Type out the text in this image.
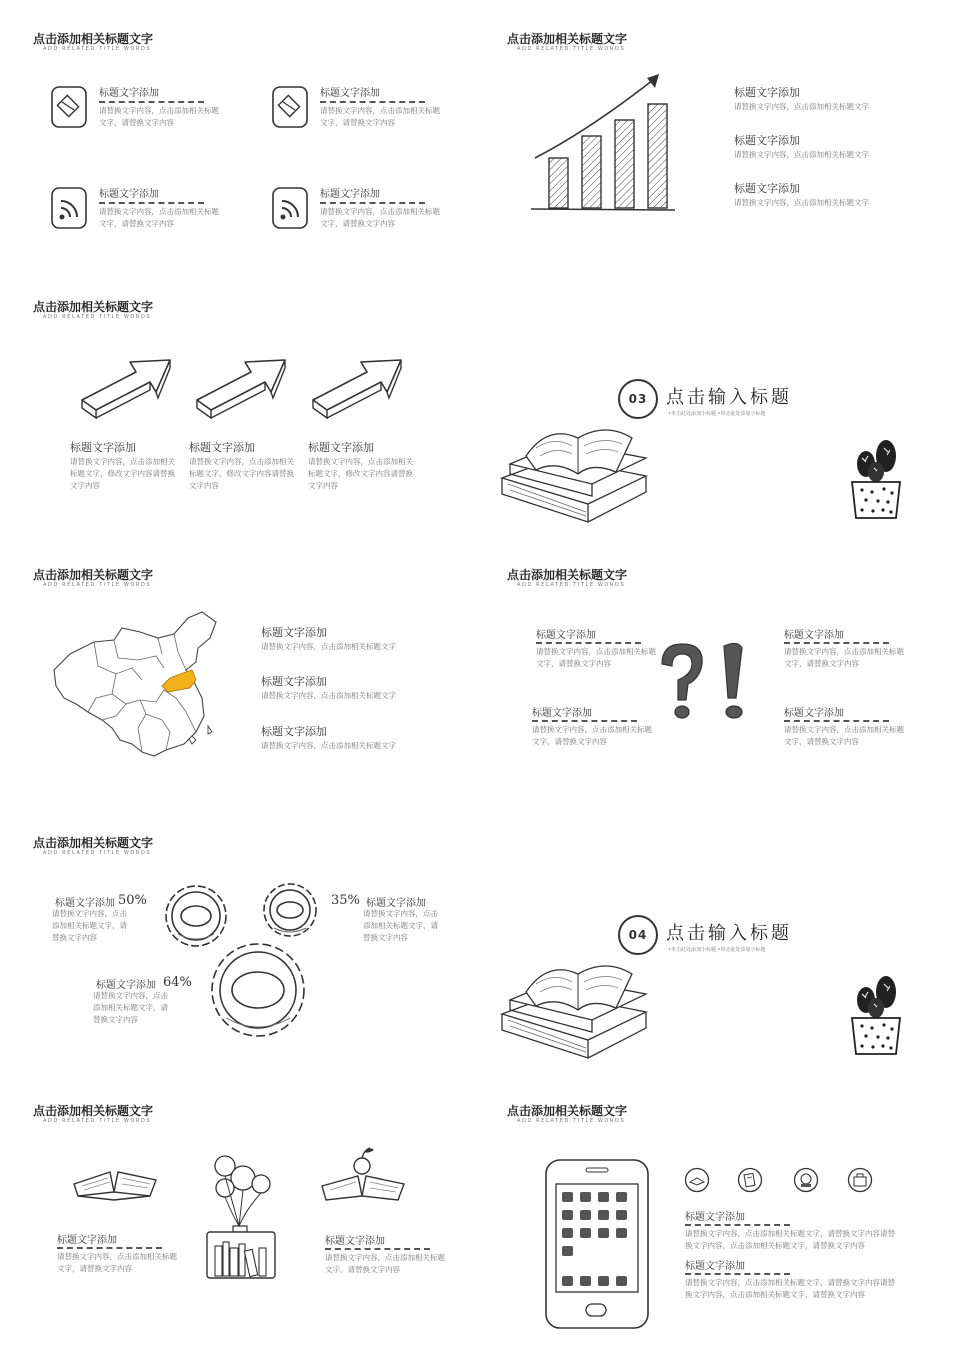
点击添加相关标题文字
ADD RELATED TITLE WORDS
标题文字添加
请替换文字内容，点击添加相关标题文字，请替换文字内容
标题文字添加
请替换文字内容，点击添加相关标题文字，请替换文字内容
标题文字添加
请替换文字内容，点击添加相关标题文字，请替换文字内容
标题文字添加
请替换文字内容，点击添加相关标题文字，请替换文字内容
点击添加相关标题文字
ADD RELATED TITLE WORDS
标题文字添加
请替换文字内容，点击添加相关标题文字
标题文字添加
请替换文字内容，点击添加相关标题文字
标题文字添加
请替换文字内容，点击添加相关标题文字
点击添加相关标题文字
ADD RELATED TITLE WORDS
标题文字添加
请替换文字内容，点击添加相关标题文字，修改文字内容请替换文字内容
标题文字添加
请替换文字内容，点击添加相关标题文字，修改文字内容请替换文字内容
标题文字添加
请替换文字内容，点击添加相关标题文字，修改文字内容请替换文字内容
03	点击输入标题
•单击此处添加小标题 •单击此处添加小标题
点击添加相关标题文字
ADD RELATED TITLE WORDS
标题文字添加
请替换文字内容，点击添加相关标题文字
标题文字添加
请替换文字内容，点击添加相关标题文字
标题文字添加
请替换文字内容，点击添加相关标题文字
点击添加相关标题文字
ADD RELATED TITLE WORDS
标题文字添加
请替换文字内容，点击添加相关标题文字，请替换文字内容
标题文字添加
请替换文字内容，点击添加相关标题文字，请替换文字内容
标题文字添加
请替换文字内容，点击添加相关标题文字，请替换文字内容
标题文字添加
请替换文字内容，点击添加相关标题文字，请替换文字内容
点击添加相关标题文字
ADD RELATED TITLE WORDS
标题文字添加 50%
请替换文字内容，点击添加相关标题文字，请替换文字内容
35% 标题文字添加
请替换文字内容，点击添加相关标题文字，请替换文字内容
标题文字添加 64%
请替换文字内容，点击添加相关标题文字，请替换文字内容
04	点击输入标题
•单击此处添加小标题 •单击此处添加小标题
点击添加相关标题文字
ADD RELATED TITLE WORDS
标题文字添加
请替换文字内容，点击添加相关标题文字，请替换文字内容
标题文字添加
请替换文字内容，点击添加相关标题文字，请替换文字内容
点击添加相关标题文字
ADD RELATED TITLE WORDS
标题文字添加
请替换文字内容，点击添加相关标题文字，请替换文字内容请替换文字内容，点击添加相关标题文字，请替换文字内容
标题文字添加
请替换文字内容，点击添加相关标题文字，请替换文字内容请替换文字内容，点击添加相关标题文字，请替换文字内容
